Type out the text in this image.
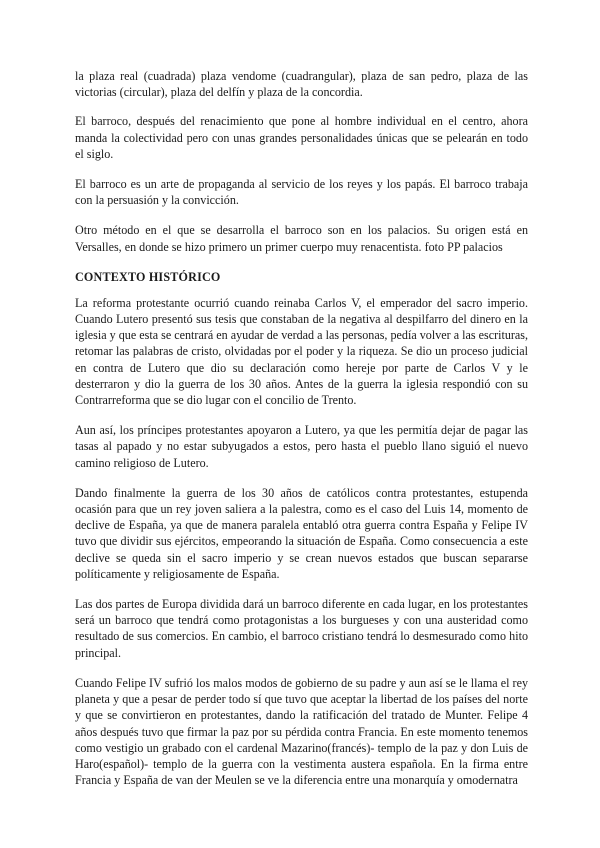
la plaza real (cuadrada) plaza vendome (cuadrangular), plaza de san pedro, plaza de las victorias (circular), plaza del delfín y plaza de la concordia.

El barroco, después del renacimiento que pone al hombre individual en el centro, ahora manda la colectividad pero con unas grandes personalidades únicas que se pelearán en todo el siglo.

El barroco es un arte de propaganda al servicio de los reyes y los papás. El barroco trabaja con la persuasión y la convicción.

Otro método en el que se desarrolla el barroco son en los palacios. Su origen está en Versalles, en donde se hizo primero un primer cuerpo muy renacentista. foto PP palacios

CONTEXTO HISTÓRICO

La reforma protestante ocurrió cuando reinaba Carlos V, el emperador del sacro imperio. Cuando Lutero presentó sus tesis que constaban de la negativa al despilfarro del dinero en la iglesia y que esta se centrará en ayudar de verdad a las personas, pedía volver a las escrituras, retomar las palabras de cristo, olvidadas por el poder y la riqueza. Se dio un proceso judicial en contra de Lutero que dio su declaración como hereje por parte de Carlos V y le desterraron y dio la guerra de los 30 años. Antes de la guerra la iglesia respondió con su Contrarreforma que se dio lugar con el concilio de Trento.

Aun así, los príncipes protestantes apoyaron a Lutero, ya que les permitía dejar de pagar las tasas al papado y no estar subyugados a estos, pero hasta el pueblo llano siguió el nuevo camino religioso de Lutero.

Dando finalmente la guerra de los 30 años de católicos contra protestantes, estupenda ocasión para que un rey joven saliera a la palestra, como es el caso del Luis 14, momento de declive de España, ya que de manera paralela entabló otra guerra contra España y Felipe IV tuvo que dividir sus ejércitos, empeorando la situación de España. Como consecuencia a este declive se queda sin el sacro imperio y se crean nuevos estados que buscan separarse políticamente y religiosamente de España.

Las dos partes de Europa dividida dará un barroco diferente en cada lugar, en los protestantes será un barroco que tendrá como protagonistas a los burgueses y con una austeridad como resultado de sus comercios. En cambio, el barroco cristiano tendrá lo desmesurado como hito principal.

Cuando Felipe IV sufrió los malos modos de gobierno de su padre y aun así se le llama el rey planeta y que a pesar de perder todo sí que tuvo que aceptar la libertad de los países del norte y que se convirtieron en protestantes, dando la ratificación del tratado de Munter. Felipe 4 años después tuvo que firmar la paz por su pérdida contra Francia. En este momento tenemos como vestigio un grabado con el cardenal Mazarino(francés)- templo de la paz y don Luis de Haro(español)- templo de la guerra con la vestimenta austera española. En la firma entre Francia y España de van der Meulen se ve la diferencia entre una monarquía y omodernatra
